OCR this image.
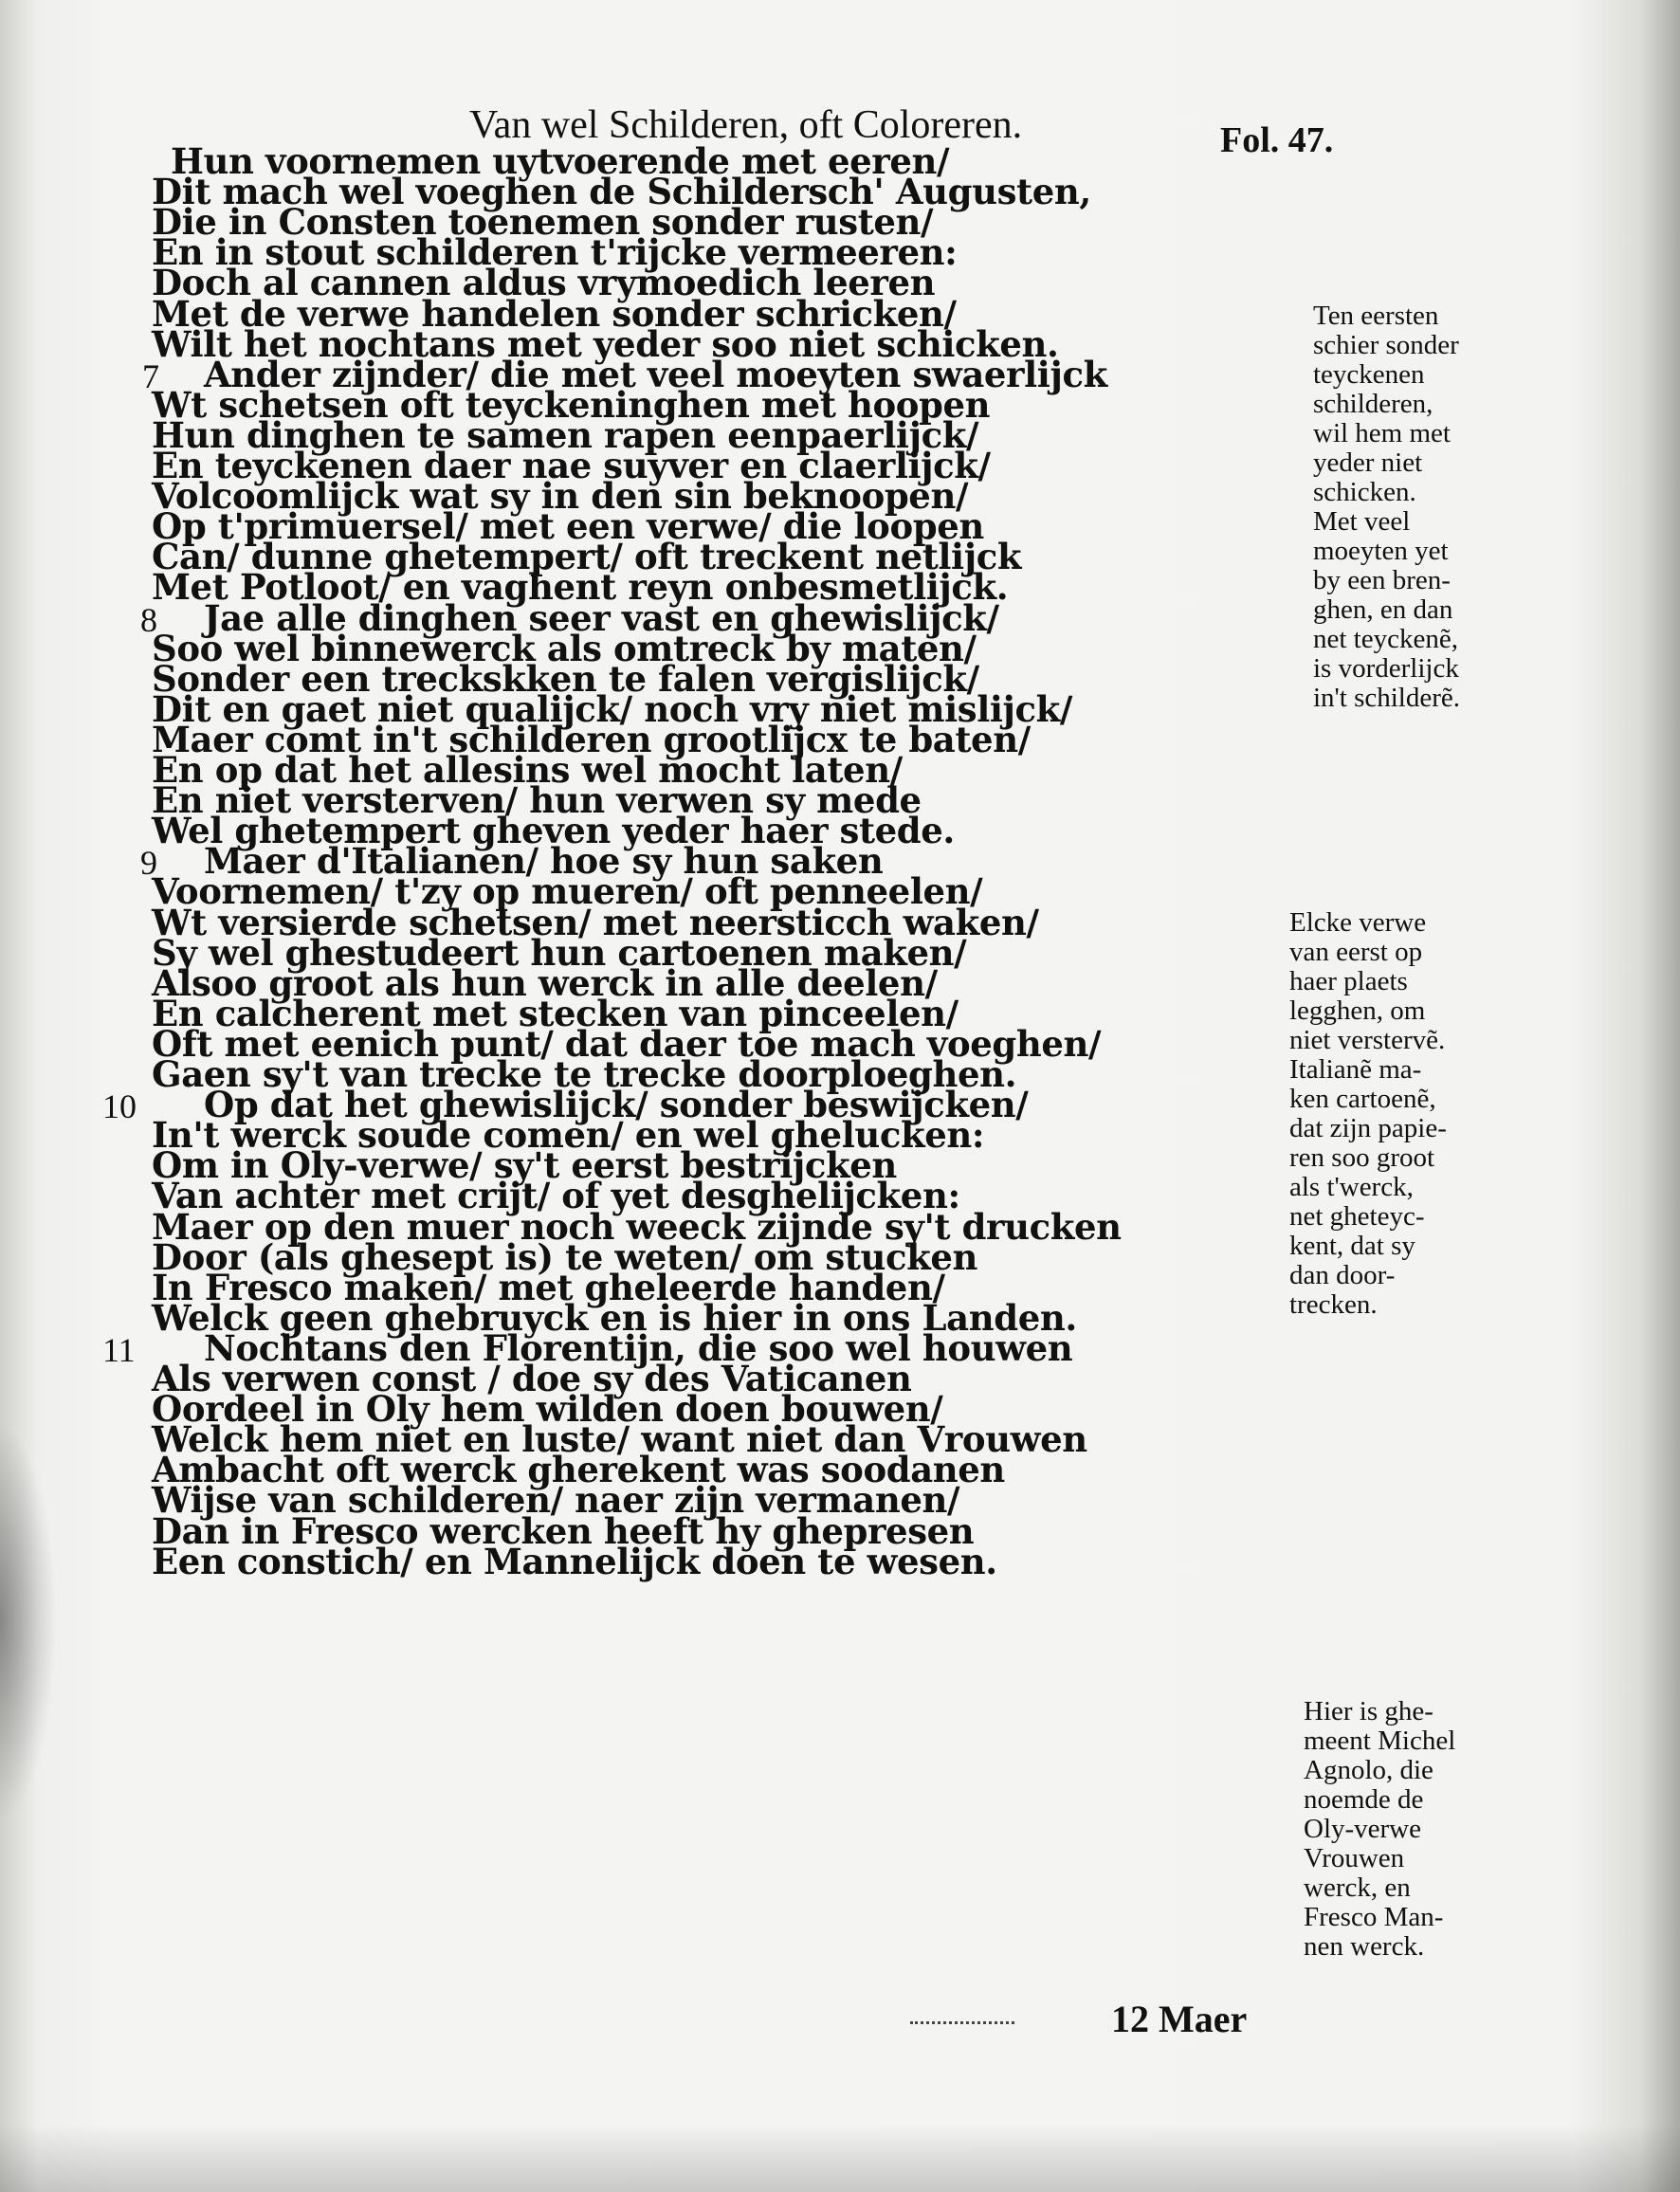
Van wel Schilderen, oft Coloreren.	Fol. 47.
Hun voornemen uytvoerende met eeren/
Dit mach wel voeghen de Schildersch' Augusten,
Die in Consten toenemen sonder rusten/
En in stout schilderen t'rijcke vermeeren:
Doch al cannen aldus vrymoedich leeren
Met de verwe handelen sonder schricken/
Wilt het nochtans met yeder soo niet schicken.
Ander zijnder/ die met veel moeyten swaerlijck
7
Wt schetsen oft teyckeninghen met hoopen
Hun dinghen te samen rapen eenpaerlijck/
En teyckenen daer nae suyver en claerlijck/
Volcoomlijck wat sy in den sin beknoopen/
Op t'primuersel/ met een verwe/ die loopen
Can/ dunne ghetempert/ oft treckent netlijck
Met Potloot/ en vaghent reyn onbesmetlijck.
Jae alle dinghen seer vast en ghewislijck/
8
Soo wel binnewerck als omtreck by maten/
Sonder een treckskken te falen vergislijck/
Dit en gaet niet qualijck/ noch vry niet mislijck/
Maer comt in't schilderen grootlijcx te baten/
En op dat het allesins wel mocht laten/
En niet versterven/ hun verwen sy mede
Wel ghetempert gheven yeder haer stede.
Maer d'Italianen/ hoe sy hun saken
9
Voornemen/ t'zy op mueren/ oft penneelen/
Wt versierde schetsen/ met neersticch waken/
Sy wel ghestudeert hun cartoenen maken/
Alsoo groot als hun werck in alle deelen/
En calcherent met stecken van pinceelen/
Oft met eenich punt/ dat daer toe mach voeghen/
Gaen sy't van trecke te trecke doorploeghen.
Op dat het ghewislijck/ sonder beswijcken/
10
In't werck soude comen/ en wel ghelucken:
Om in Oly-verwe/ sy't eerst bestrijcken
Van achter met crijt/ of yet desghelijcken:
Maer op den muer noch weeck zijnde sy't drucken
Door (als ghesept is) te weten/ om stucken
In Fresco maken/ met gheleerde handen/
Welck geen ghebruyck en is hier in ons Landen.
Nochtans den Florentijn, die soo wel houwen
11
Als verwen const / doe sy des Vaticanen
Oordeel in Oly hem wilden doen bouwen/
Welck hem niet en luste/ want niet dan Vrouwen
Ambacht oft werck gherekent was soodanen
Wijse van schilderen/ naer zijn vermanen/
Dan in Fresco wercken heeft hy ghepresen
Een constich/ en Mannelijck doen te wesen.
Ten eersten
schier sonder
teyckenen
schilderen,
wil hem met
yeder niet
schicken.
Met veel
moeyten yet
by een bren-
ghen, en dan
net teyckenẽ,
is vorderlijck
in't schilderẽ.
Elcke verwe
van eerst op
haer plaets
legghen, om
niet verstervẽ.
Italianẽ ma-
ken cartoenẽ,
dat zijn papie-
ren soo groot
als t'werck,
net gheteyc-
kent, dat sy
dan door-
trecken.
Hier is ghe-
meent Michel
Agnolo, die
noemde de
Oly-verwe
Vrouwen
werck, en
Fresco Man-
nen werck.
12 Maer
